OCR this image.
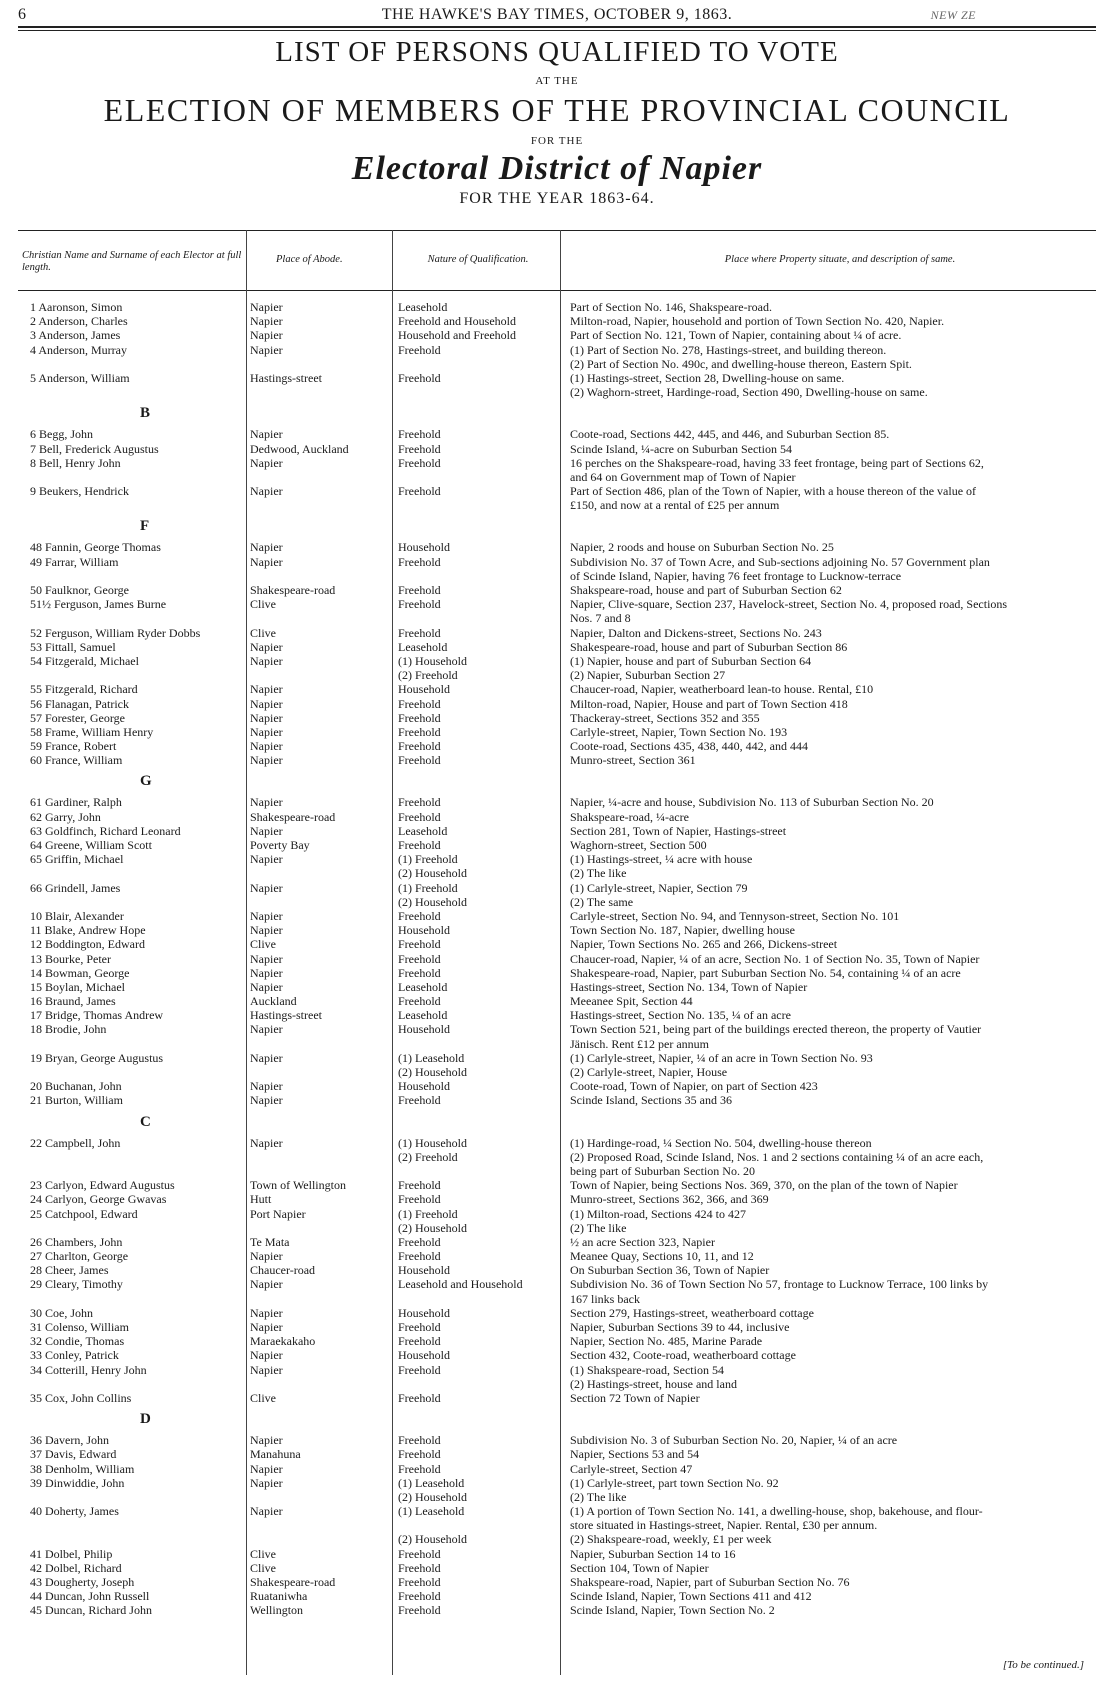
6	THE HAWKE'S BAY TIMES, OCTOBER 9, 1863.	NEW ZE
LIST OF PERSONS QUALIFIED TO VOTE
AT THE
ELECTION OF MEMBERS OF THE PROVINCIAL COUNCIL
FOR THE
Electoral District of Napier
FOR THE YEAR 1863-64.
Christian Name and Surname of each Elector at full length.
Place of Abode.	Nature of Qualification.	Place where Property situate, and description of same.
1 Aaronson, Simon	Napier	Leasehold	Part of Section No. 146, Shakspeare-road.
2 Anderson, Charles	Napier	Freehold and Household	Milton-road, Napier, household and portion of Town Section No. 420, Napier.
3 Anderson, James	Napier	Household and Freehold	Part of Section No. 121, Town of Napier, containing about ¼ of acre.
4 Anderson, Murray	Napier	Freehold	(1) Part of Section No. 278, Hastings-street, and building thereon.
(2) Part of Section No. 490c, and dwelling-house thereon, Eastern Spit.
5 Anderson, William	Hastings-street	Freehold	(1) Hastings-street, Section 28, Dwelling-house on same.
(2) Waghorn-street, Hardinge-road, Section 490, Dwelling-house on same.
B
6 Begg, John	Napier	Freehold	Coote-road, Sections 442, 445, and 446, and Suburban Section 85.
7 Bell, Frederick Augustus	Dedwood, Auckland	Freehold	Scinde Island, ¼-acre on Suburban Section 54
8 Bell, Henry John	Napier	Freehold	16 perches on the Shakspeare-road, having 33 feet frontage, being part of Sections 62,
and 64 on Government map of Town of Napier
9 Beukers, Hendrick	Napier	Freehold	Part of Section 486, plan of the Town of Napier, with a house thereon of the value of
£150, and now at a rental of £25 per annum
F
48 Fannin, George Thomas	Napier	Household	Napier, 2 roods and house on Suburban Section No. 25
49 Farrar, William	Napier	Freehold	Subdivision No. 37 of Town Acre, and Sub-sections adjoining No. 57 Government plan
of Scinde Island, Napier, having 76 feet frontage to Lucknow-terrace
50 Faulknor, George	Shakespeare-road	Freehold	Shakspeare-road, house and part of Suburban Section 62
51½ Ferguson, James Burne	Clive	Freehold	Napier, Clive-square, Section 237, Havelock-street, Section No. 4, proposed road, Sections
Nos. 7 and 8
52 Ferguson, William Ryder Dobbs	Clive	Freehold	Napier, Dalton and Dickens-street, Sections No. 243
53 Fittall, Samuel	Napier	Leasehold	Shakespeare-road, house and part of Suburban Section 86
54 Fitzgerald, Michael	Napier	(1) Household	(1) Napier, house and part of Suburban Section 64
(2) Freehold	(2) Napier, Suburban Section 27
55 Fitzgerald, Richard	Napier	Household	Chaucer-road, Napier, weatherboard lean-to house. Rental, £10
56 Flanagan, Patrick	Napier	Freehold	Milton-road, Napier, House and part of Town Section 418
57 Forester, George	Napier	Freehold	Thackeray-street, Sections 352 and 355
58 Frame, William Henry	Napier	Freehold	Carlyle-street, Napier, Town Section No. 193
59 France, Robert	Napier	Freehold	Coote-road, Sections 435, 438, 440, 442, and 444
60 France, William	Napier	Freehold	Munro-street, Section 361
G
61 Gardiner, Ralph	Napier	Freehold	Napier, ¼-acre and house, Subdivision No. 113 of Suburban Section No. 20
62 Garry, John	Shakespeare-road	Freehold	Shakspeare-road, ¼-acre
63 Goldfinch, Richard Leonard	Napier	Leasehold	Section 281, Town of Napier, Hastings-street
64 Greene, William Scott	Poverty Bay	Freehold	Waghorn-street, Section 500
65 Griffin, Michael	Napier	(1) Freehold	(1) Hastings-street, ¼ acre with house
(2) Household	(2) The like
66 Grindell, James	Napier	(1) Freehold	(1) Carlyle-street, Napier, Section 79
(2) Household	(2) The same
10 Blair, Alexander	Napier	Freehold	Carlyle-street, Section No. 94, and Tennyson-street, Section No. 101
11 Blake, Andrew Hope	Napier	Household	Town Section No. 187, Napier, dwelling house
12 Boddington, Edward	Clive	Freehold	Napier, Town Sections No. 265 and 266, Dickens-street
13 Bourke, Peter	Napier	Freehold	Chaucer-road, Napier, ¼ of an acre, Section No. 1 of Section No. 35, Town of Napier
14 Bowman, George	Napier	Freehold	Shakespeare-road, Napier, part Suburban Section No. 54, containing ¼ of an acre
15 Boylan, Michael	Napier	Leasehold	Hastings-street, Section No. 134, Town of Napier
16 Braund, James	Auckland	Freehold	Meeanee Spit, Section 44
17 Bridge, Thomas Andrew	Hastings-street	Leasehold	Hastings-street, Section No. 135, ¼ of an acre
18 Brodie, John	Napier	Household	Town Section 521, being part of the buildings erected thereon, the property of Vautier
Jänisch. Rent £12 per annum
19 Bryan, George Augustus	Napier	(1) Leasehold	(1) Carlyle-street, Napier, ¼ of an acre in Town Section No. 93
(2) Household	(2) Carlyle-street, Napier, House
20 Buchanan, John	Napier	Household	Coote-road, Town of Napier, on part of Section 423
21 Burton, William	Napier	Freehold	Scinde Island, Sections 35 and 36
C
22 Campbell, John	Napier	(1) Household	(1) Hardinge-road, ¼ Section No. 504, dwelling-house thereon
(2) Freehold	(2) Proposed Road, Scinde Island, Nos. 1 and 2 sections containing ¼ of an acre each,
being part of Suburban Section No. 20
23 Carlyon, Edward Augustus	Town of Wellington	Freehold	Town of Napier, being Sections Nos. 369, 370, on the plan of the town of Napier
24 Carlyon, George Gwavas	Hutt	Freehold	Munro-street, Sections 362, 366, and 369
25 Catchpool, Edward	Port Napier	(1) Freehold	(1) Milton-road, Sections 424 to 427
(2) Household	(2) The like
26 Chambers, John	Te Mata	Freehold	½ an acre Section 323, Napier
27 Charlton, George	Napier	Freehold	Meanee Quay, Sections 10, 11, and 12
28 Cheer, James	Chaucer-road	Household	On Suburban Section 36, Town of Napier
29 Cleary, Timothy	Napier	Leasehold and Household	Subdivision No. 36 of Town Section No 57, frontage to Lucknow Terrace, 100 links by
167 links back
30 Coe, John	Napier	Household	Section 279, Hastings-street, weatherboard cottage
31 Colenso, William	Napier	Freehold	Napier, Suburban Sections 39 to 44, inclusive
32 Condie, Thomas	Maraekakaho	Freehold	Napier, Section No. 485, Marine Parade
33 Conley, Patrick	Napier	Household	Section 432, Coote-road, weatherboard cottage
34 Cotterill, Henry John	Napier	Freehold	(1) Shakspeare-road, Section 54
(2) Hastings-street, house and land
35 Cox, John Collins	Clive	Freehold	Section 72 Town of Napier
D
36 Davern, John	Napier	Freehold	Subdivision No. 3 of Suburban Section No. 20, Napier, ¼ of an acre
37 Davis, Edward	Manahuna	Freehold	Napier, Sections 53 and 54
38 Denholm, William	Napier	Freehold	Carlyle-street, Section 47
39 Dinwiddie, John	Napier	(1) Leasehold	(1) Carlyle-street, part town Section No. 92
(2) Household	(2) The like
40 Doherty, James	Napier	(1) Leasehold	(1) A portion of Town Section No. 141, a dwelling-house, shop, bakehouse, and flour-
store situated in Hastings-street, Napier. Rental, £30 per annum.
(2) Household	(2) Shakspeare-road, weekly, £1 per week
41 Dolbel, Philip	Clive	Freehold	Napier, Suburban Section 14 to 16
42 Dolbel, Richard	Clive	Freehold	Section 104, Town of Napier
43 Dougherty, Joseph	Shakespeare-road	Freehold	Shakspeare-road, Napier, part of Suburban Section No. 76
44 Duncan, John Russell	Ruataniwha	Freehold	Scinde Island, Napier, Town Sections 411 and 412
45 Duncan, Richard John	Wellington	Freehold	Scinde Island, Napier, Town Section No. 2
[To be continued.]
